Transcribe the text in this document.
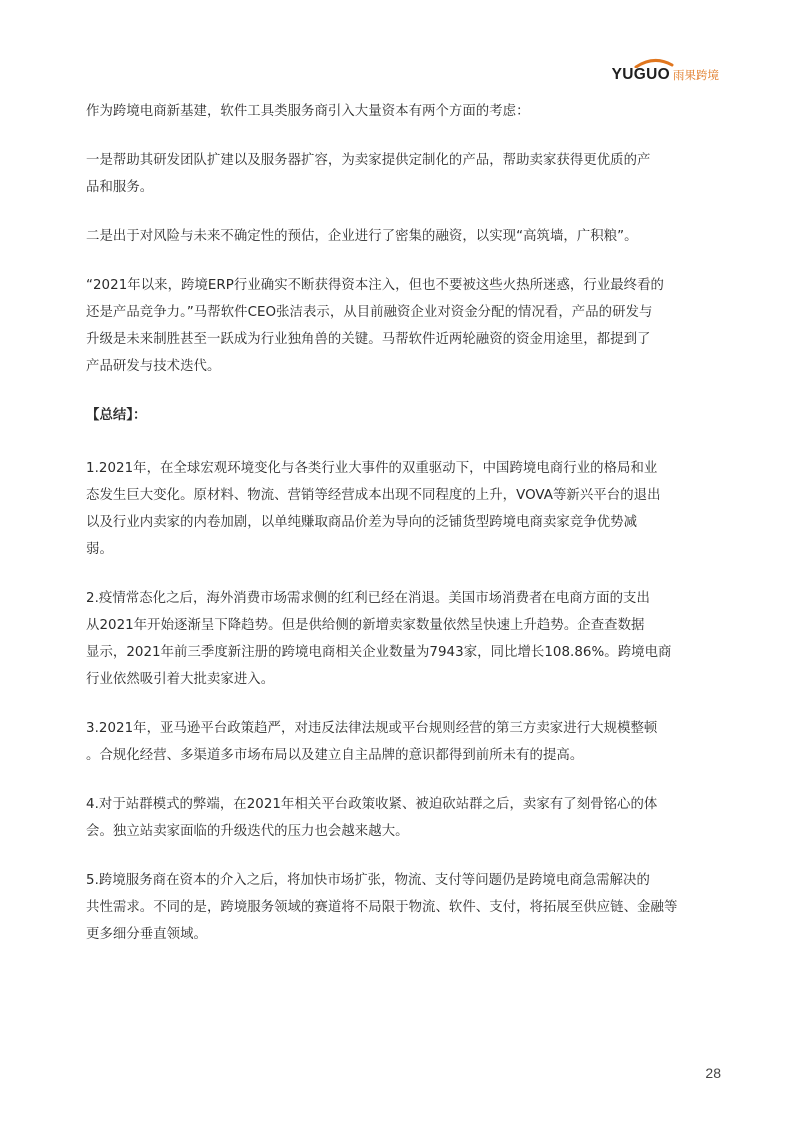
YUGUO 雨果跨境

作为跨境电商新基建，软件工具类服务商引入大量资本有两个方面的考虑：

一是帮助其研发团队扩建以及服务器扩容，为卖家提供定制化的产品，帮助卖家获得更优质的产
品和服务。

二是出于对风险与未来不确定性的预估，企业进行了密集的融资，以实现“高筑墙，广积粮”。

“2021年以来，跨境ERP行业确实不断获得资本注入，但也不要被这些火热所迷惑，行业最终看的
还是产品竞争力。”马帮软件CEO张洁表示，从目前融资企业对资金分配的情况看，产品的研发与
升级是未来制胜甚至一跃成为行业独角兽的关键。马帮软件近两轮融资的资金用途里，都提到了
产品研发与技术迭代。

【总结】：

1.2021年，在全球宏观环境变化与各类行业大事件的双重驱动下，中国跨境电商行业的格局和业
态发生巨大变化。原材料、物流、营销等经营成本出现不同程度的上升，VOVA等新兴平台的退出
以及行业内卖家的内卷加剧，以单纯赚取商品价差为导向的泛铺货型跨境电商卖家竞争优势减
弱。

2.疫情常态化之后，海外消费市场需求侧的红利已经在消退。美国市场消费者在电商方面的支出
从2021年开始逐渐呈下降趋势。但是供给侧的新增卖家数量依然呈快速上升趋势。企查查数据
显示，2021年前三季度新注册的跨境电商相关企业数量为7943家，同比增长108.86%。跨境电商
行业依然吸引着大批卖家进入。

3.2021年，亚马逊平台政策趋严，对违反法律法规或平台规则经营的第三方卖家进行大规模整顿
。合规化经营、多渠道多市场布局以及建立自主品牌的意识都得到前所未有的提高。

4.对于站群模式的弊端，在2021年相关平台政策收紧、被迫砍站群之后，卖家有了刻骨铭心的体
会。独立站卖家面临的升级迭代的压力也会越来越大。

5.跨境服务商在资本的介入之后，将加快市场扩张，物流、支付等问题仍是跨境电商急需解决的
共性需求。不同的是，跨境服务领域的赛道将不局限于物流、软件、支付，将拓展至供应链、金融等
更多细分垂直领域。

28
